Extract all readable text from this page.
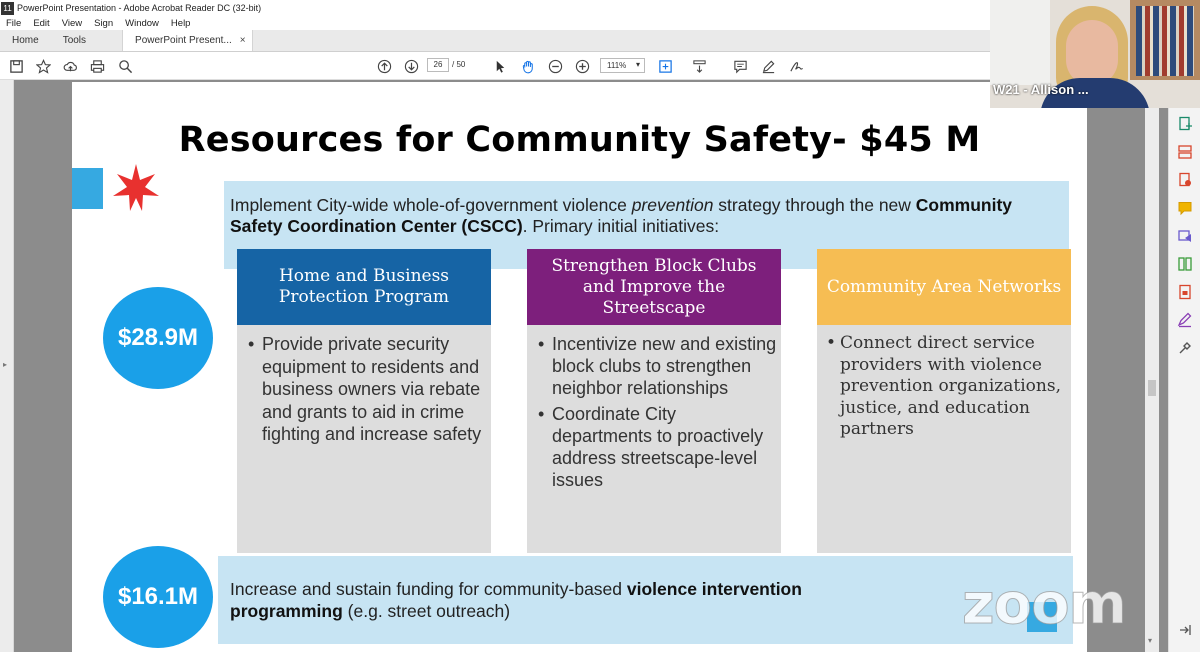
11 PowerPoint Presentation - Adobe Acrobat Reader DC (32-bit)
File Edit View Sign Window Help
Home	Tools	PowerPoint Present... ×
26	/ 50	111% ▾
▸
▾
Resources for Community Safety- $45 M
Implement City-wide whole-of-government violence prevention strategy through the new Community Safety Coordination Center (CSCC). Primary initial initiatives:
$28.9M
Home and Business Protection Program
Strengthen Block Clubs and Improve the Streetscape
Community Area Networks
• Provide private security equipment to residents and business owners via rebate and grants to aid in crime fighting and increase safety
• Incentivize new and existing block clubs to strengthen neighbor relationships
• Coordinate City departments to proactively address streetscape-level issues
• Connect direct service providers with violence prevention organizations, justice, and education partners
$16.1M	Increase and sustain funding for community-based violence intervention
programming (e.g. street outreach)
W21 - Allison ...
zoom
